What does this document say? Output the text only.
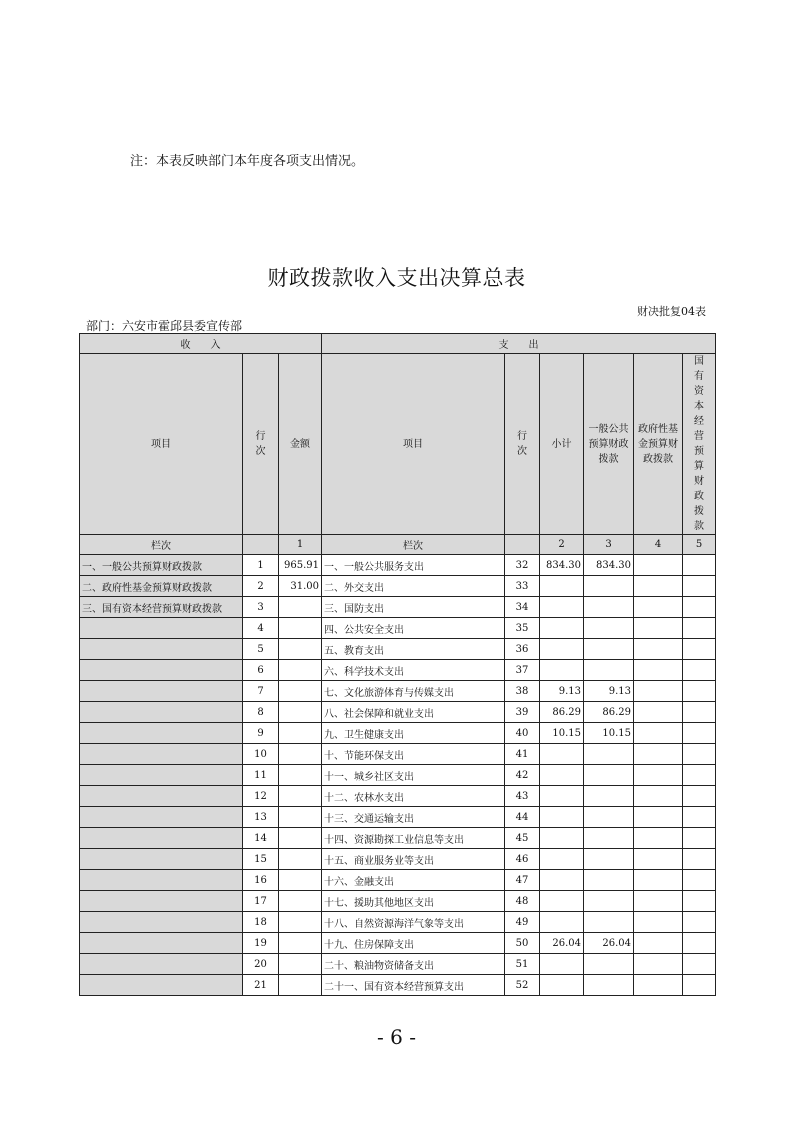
注：本表反映部门本年度各项支出情况。
财政拨款收入支出决算总表
财决批复04表
部门：六安市霍邱县委宣传部
收　　入			支　　出					
项目	行次	金额	项目	行次	小计	一般公共预算财政拨款	政府性基金预算财政拨款	国有资本经营预算财政拨款

栏次		1	栏次		2	3	4	5
一、一般公共预算财政拨款	1	965.91	一、一般公共服务支出	32	834.30	834.30		
二、政府性基金预算财政拨款	2	31.00	二、外交支出	33				
三、国有资本经营预算财政拨款	3		三、国防支出	34				
	4		四、公共安全支出	35				
	5		五、教育支出	36				
	6		六、科学技术支出	37				
	7		七、文化旅游体育与传媒支出	38	9.13	9.13		
	8		八、社会保障和就业支出	39	86.29	86.29		
	9		九、卫生健康支出	40	10.15	10.15		
	10		十、节能环保支出	41				
	11		十一、城乡社区支出	42				
	12		十二、农林水支出	43				
	13		十三、交通运输支出	44				
	14		十四、资源勘探工业信息等支出	45				
	15		十五、商业服务业等支出	46				
	16		十六、金融支出	47				
	17		十七、援助其他地区支出	48				
	18		十八、自然资源海洋气象等支出	49				
	19		十九、住房保障支出	50	26.04	26.04		
	20		二十、粮油物资储备支出	51				
	21		二十一、国有资本经营预算支出	52				
- 6 -
